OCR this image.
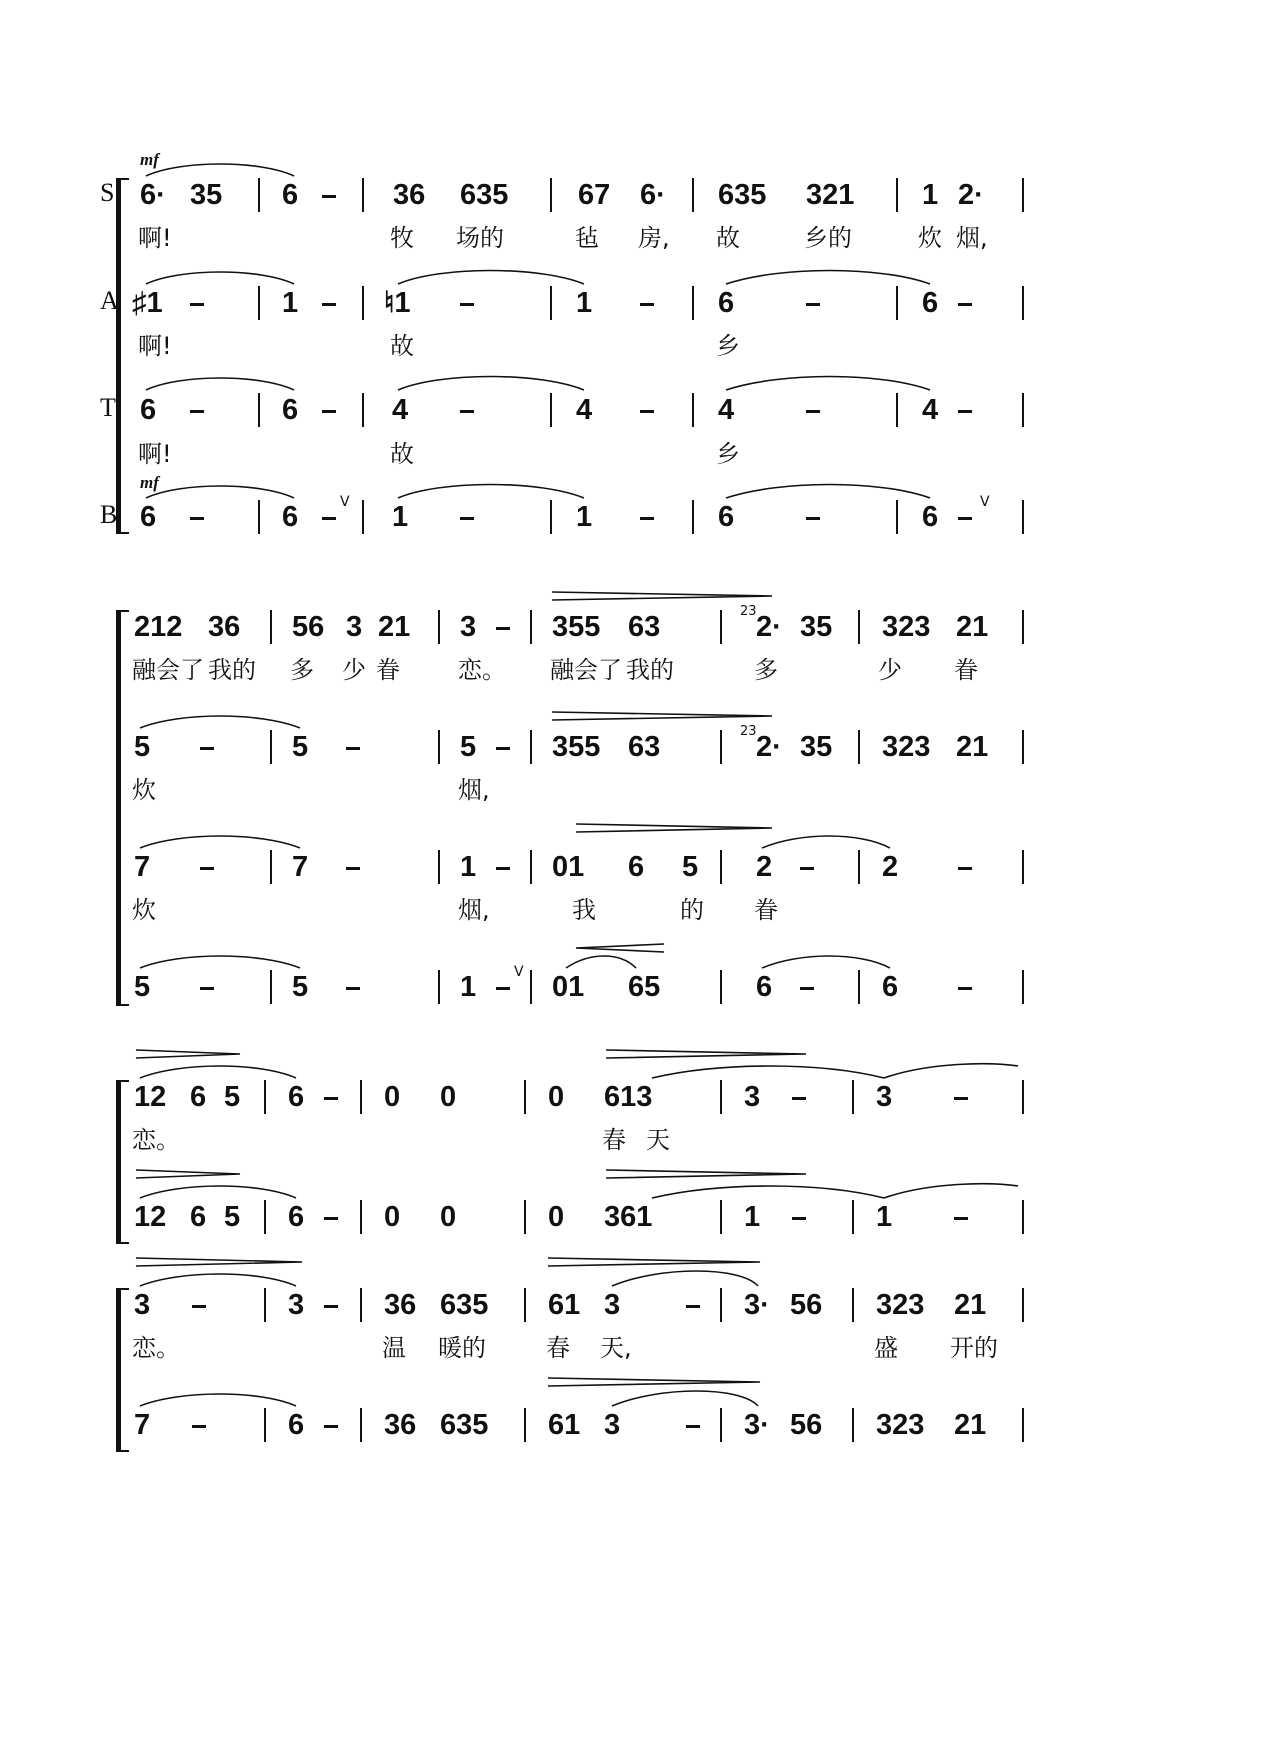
S
A
T
B
mf
mf
6· 35 6	36 635 67 6· 635 321 1 2·
啊!	牧 场的	毡 房, 故	乡的	炊 烟,
♯1	1	♮1	1	6	6
啊!	故	乡
6	6	4	4	4	4
啊!	故	乡
6	6	V 1	1	6	6	V
212 36 56 3 21 3	355 63	23 2· 35 323 21
融会了 我的 多 少 眷 恋。 融会了 我的	多	少 眷
5	5	5	355 63	23 2· 35 323 21
炊	烟,
7	7	1	01 6 5 2	2
炊	烟,	我	的 眷
5	5	1	V 01 65	6	6
12 6 5 6	0 0	0 613	3	3
恋。	春 天
12 6 5 6	0 0	0 361	1	1
3	3	36 635 61 3	3· 56 323 21
恋。	温 暖的	春 天,	盛 开的
7	6	36 635 61 3	3· 56 323 21
